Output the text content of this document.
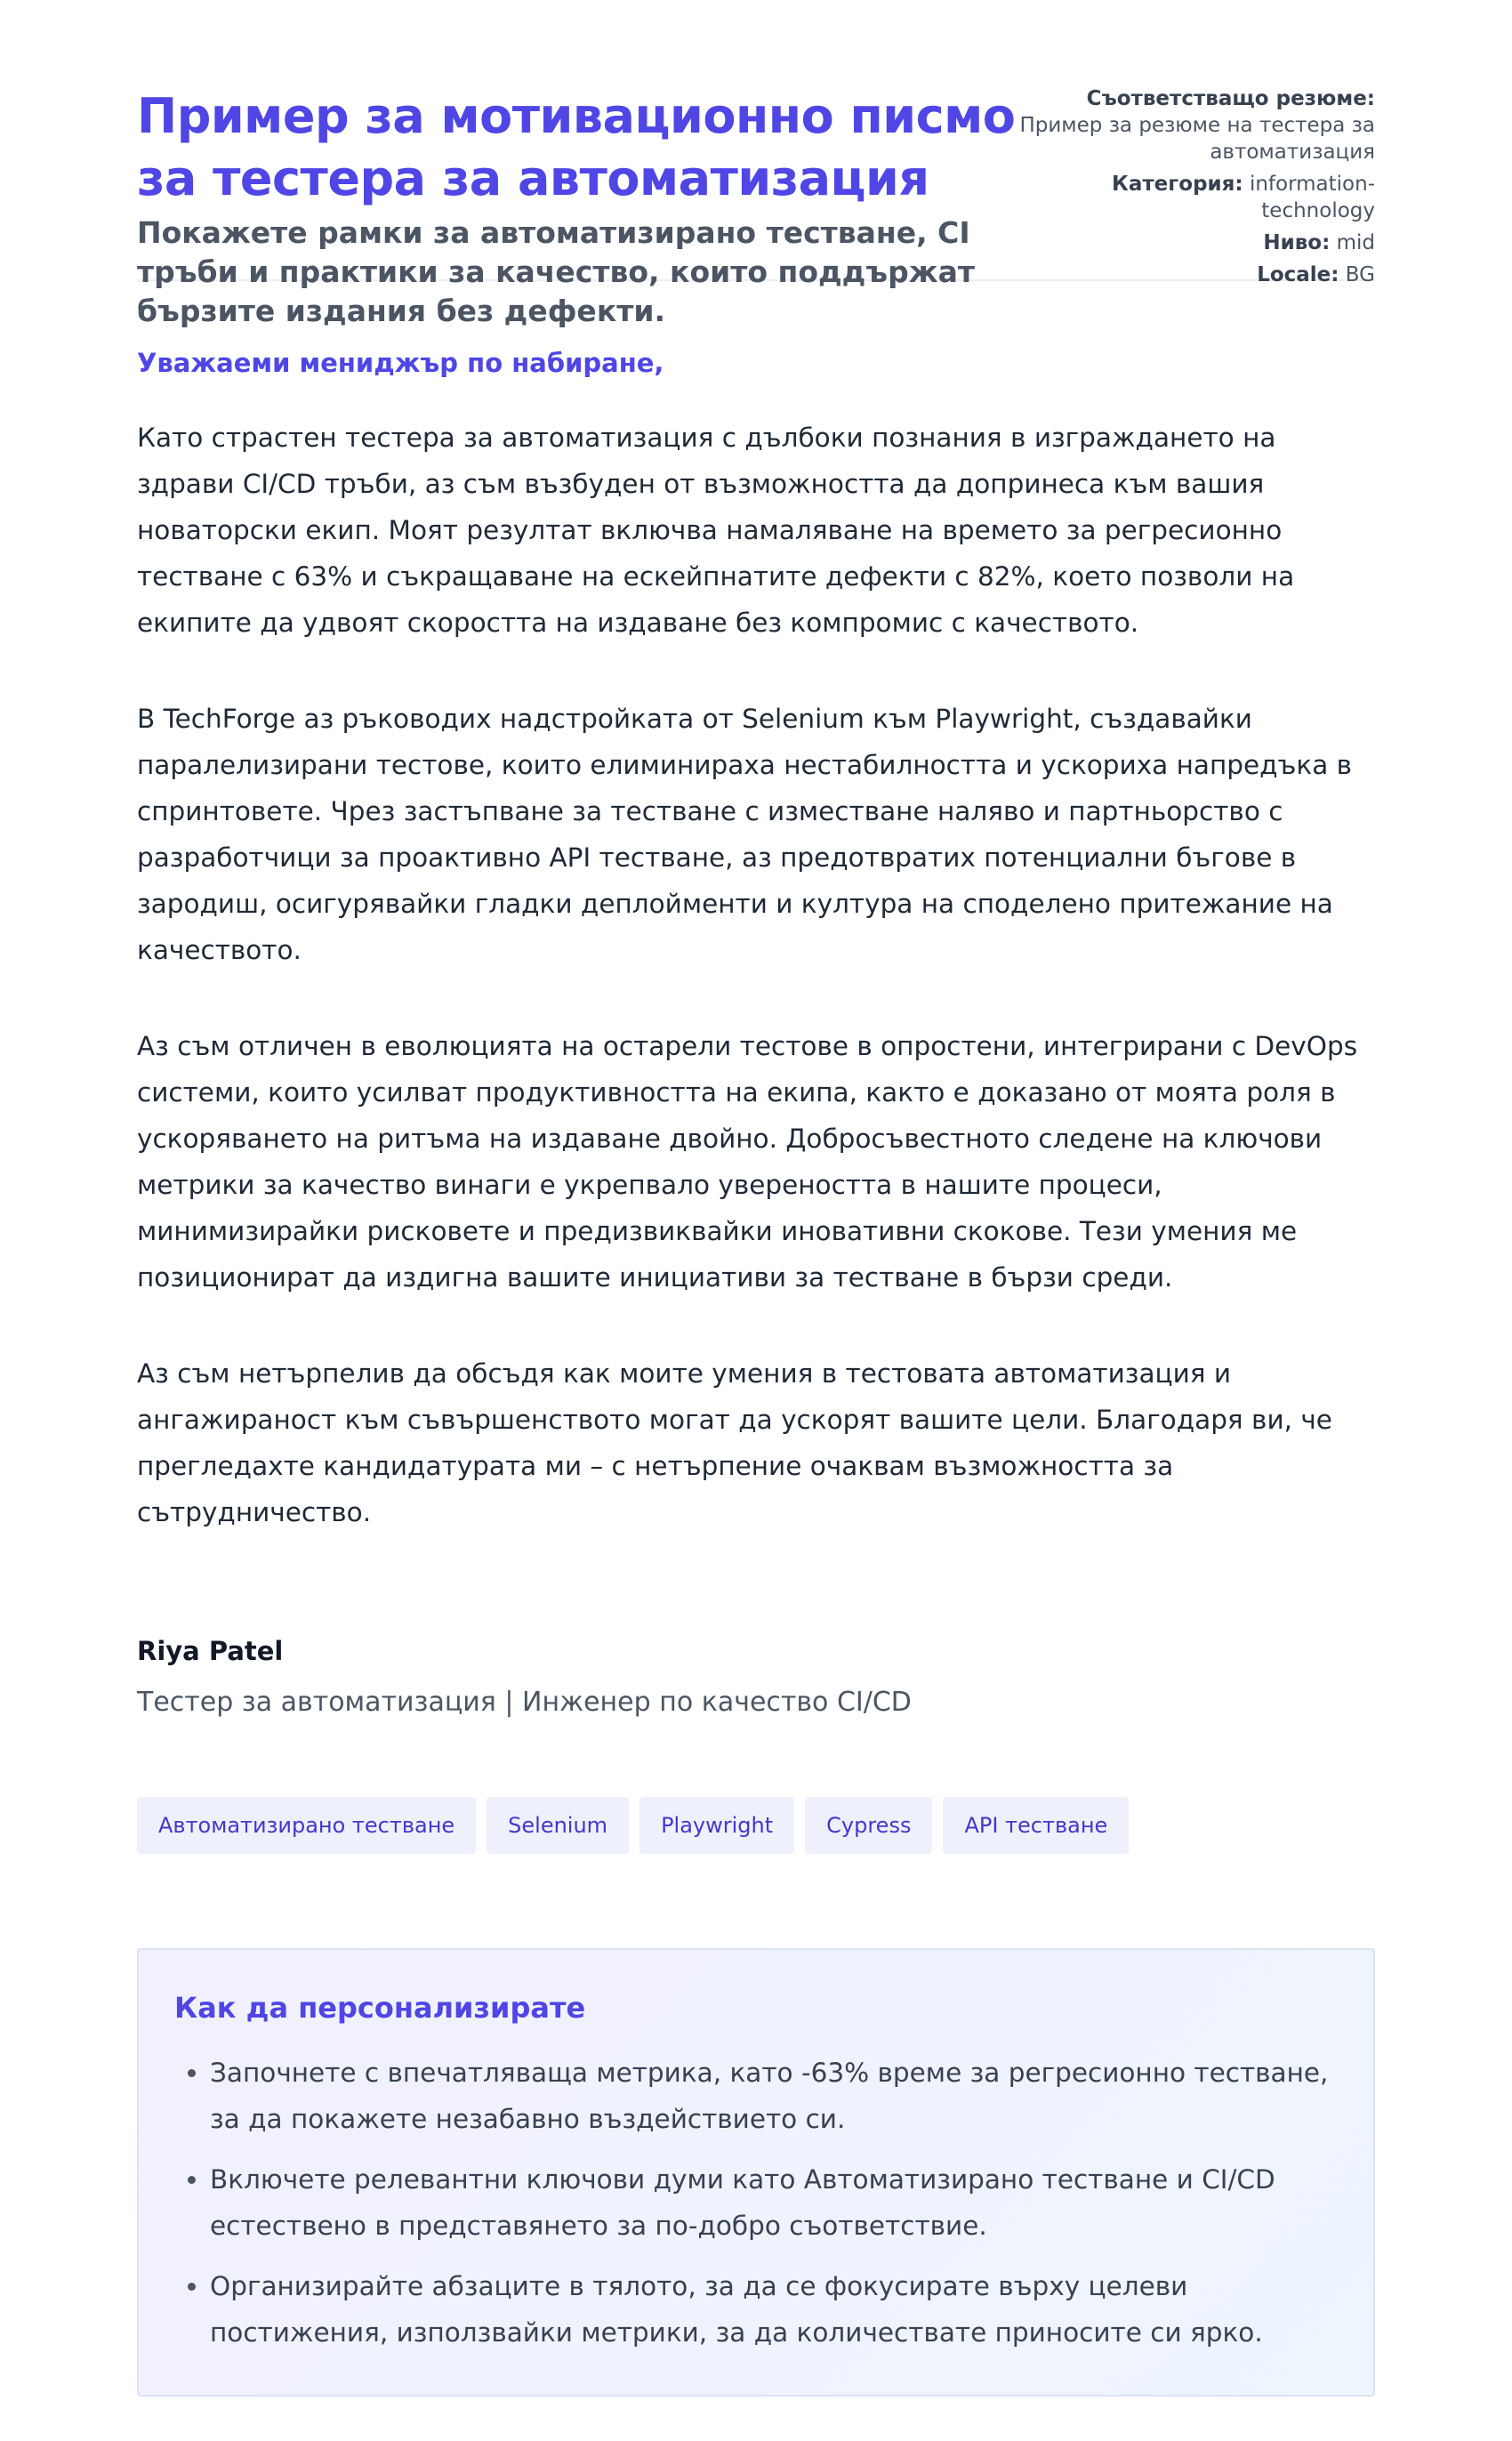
Пример за мотивационно писмо за тестера за автоматизация

Покажете рамки за автоматизирано тестване, CI тръби и практики за качество, които поддържат бързите издания без дефекти.

Съответстващо резюме:
Пример за резюме на тестера за автоматизация
Категория: information-technology
Ниво: mid
Locale: BG
Уважаеми мениджър по набиране,
Като страстен тестера за автоматизация с дълбоки познания в изграждането на здрави CI/CD тръби, аз съм възбуден от възможността да допринеса към вашия новаторски екип. Моят резултат включва намаляване на времето за регресионно тестване с 63% и съкращаване на ескейпнатите дефекти с 82%, което позволи на екипите да удвоят скоростта на издаване без компромис с качеството.
В TechForge аз ръководих надстройката от Selenium към Playwright, създавайки паралелизирани тестове, които елиминираха нестабилността и ускориха напредъка в спринтовете. Чрез застъпване за тестване с изместване наляво и партньорство с разработчици за проактивно API тестване, аз предотвратих потенциални бъгове в зародиш, осигурявайки гладки деплойменти и култура на споделено притежание на качеството.
Аз съм отличен в еволюцията на остарели тестове в опростени, интегрирани с DevOps системи, които усилват продуктивността на екипа, както е доказано от моята роля в ускоряването на ритъма на издаване двойно. Добросъвестното следене на ключови метрики за качество винаги е укрепвало увереността в нашите процеси, минимизирайки рисковете и предизвиквайки иновативни скокове. Тези умения ме позиционират да издигна вашите инициативи за тестване в бързи среди.
Аз съм нетърпелив да обсъдя как моите умения в тестовата автоматизация и ангажираност към съвършенството могат да ускорят вашите цели. Благодаря ви, че прегледахте кандидатурата ми – с нетърпение очаквам възможността за сътрудничество.
Riya Patel
Тестер за автоматизация | Инженер по качество CI/CD
Автоматизирано тестване	Selenium	Playwright	Cypress	API тестване
Как да персонализирате
• Започнете с впечатляваща метрика, като -63% време за регресионно тестване, за да покажете незабавно въздействието си.
• Включете релевантни ключови думи като Автоматизирано тестване и CI/CD естествено в представянето за по-добро съответствие.
• Организирайте абзаците в тялото, за да се фокусирате върху целеви постижения, използвайки метрики, за да количествате приносите си ярко.
